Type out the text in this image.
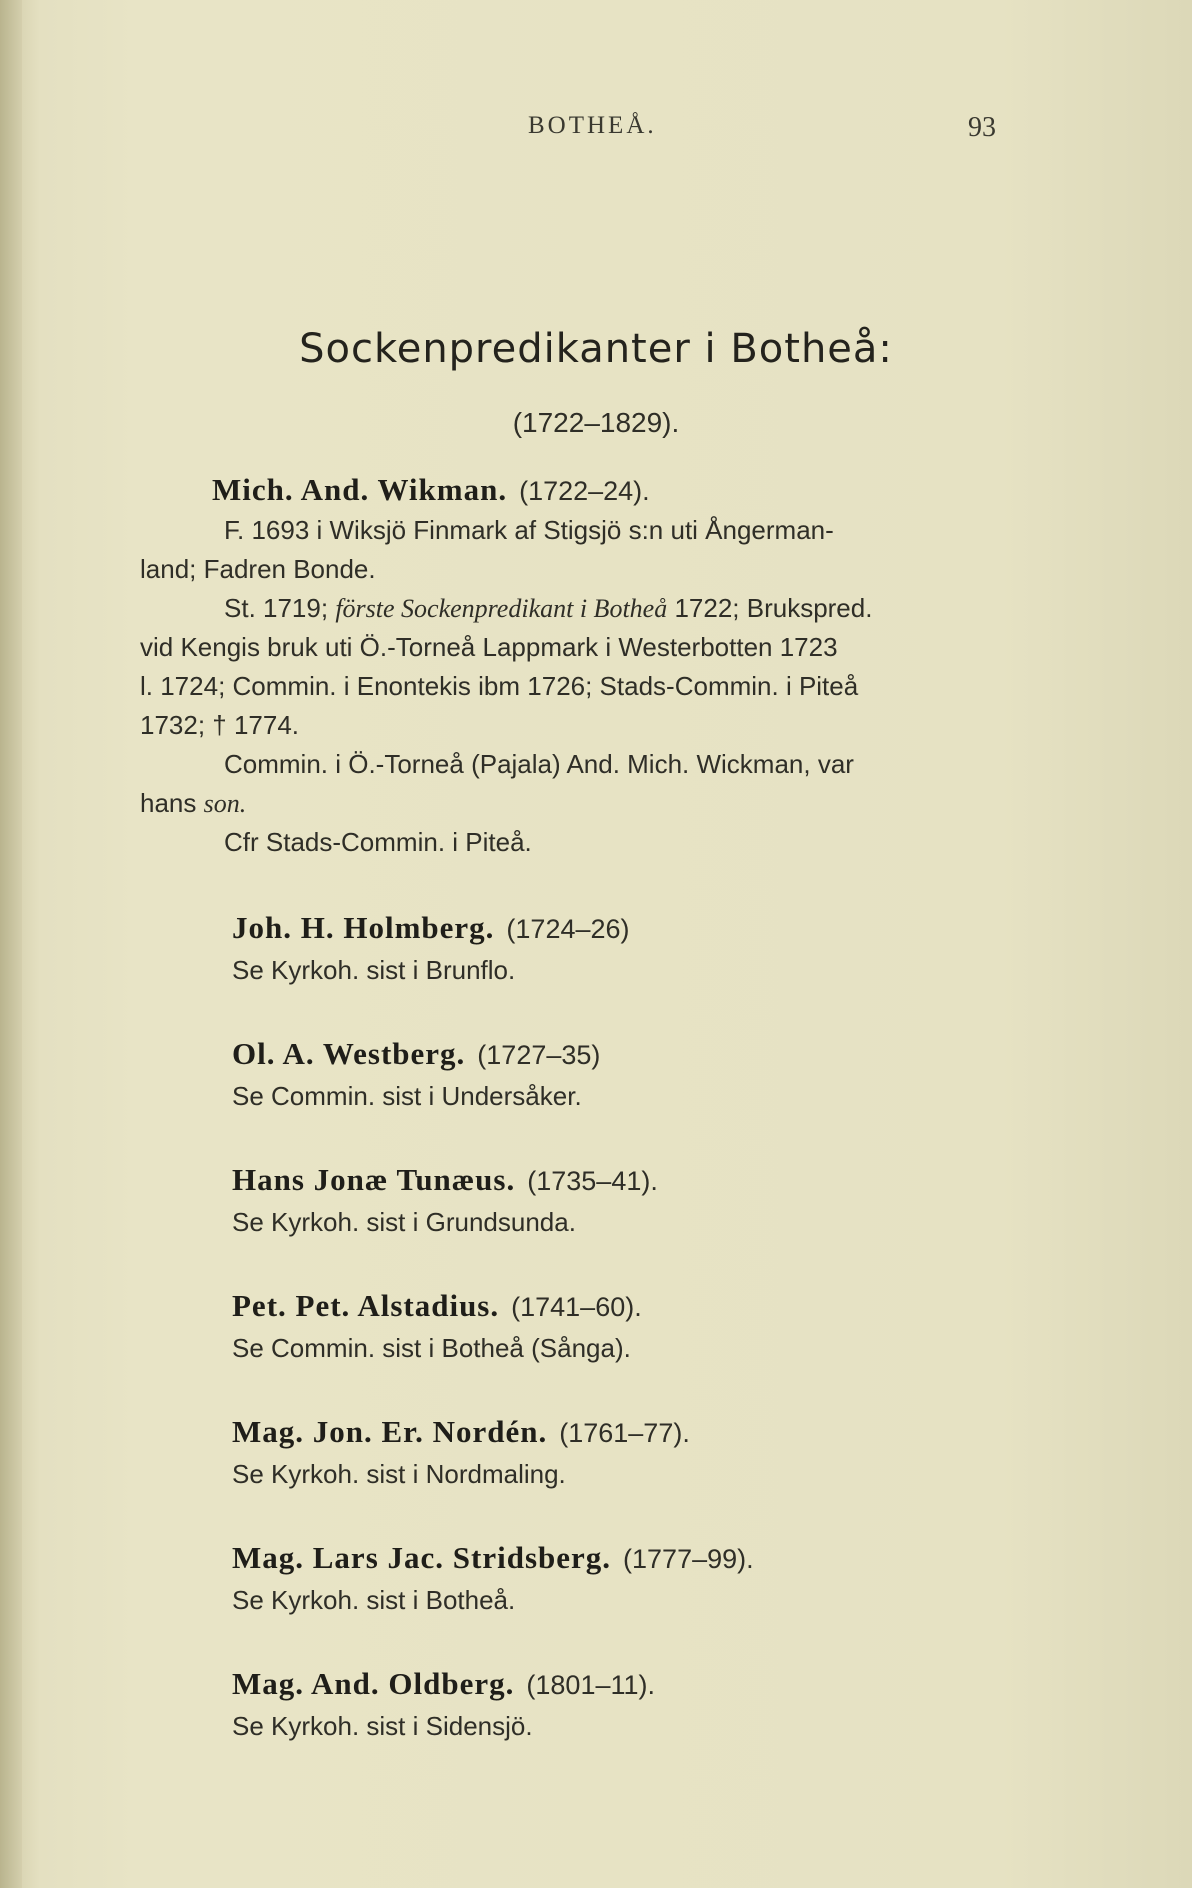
BOTHEÅ.	93
Sockenpredikanter i Botheå:
(1722–1829).
Mich. And. Wikman. (1722–24).
F. 1693 i Wiksjö Finmark af Stigsjö s:n uti Ångerman-
land; Fadren Bonde.
St. 1719; förste Sockenpredikant i Botheå 1722; Brukspred.
vid Kengis bruk uti Ö.-Torneå Lappmark i Westerbotten 1723
l. 1724; Commin. i Enontekis ibm 1726; Stads-Commin. i Piteå
1732; † 1774.
Commin. i Ö.-Torneå (Pajala) And. Mich. Wickman, var
hans son.
Cfr Stads-Commin. i Piteå.
Joh. H. Holmberg. (1724–26)
Se Kyrkoh. sist i Brunflo.
Ol. A. Westberg. (1727–35)
Se Commin. sist i Undersåker.
Hans Jonæ Tunæus. (1735–41).
Se Kyrkoh. sist i Grundsunda.
Pet. Pet. Alstadius. (1741–60).
Se Commin. sist i Botheå (Sånga).
Mag. Jon. Er. Nordén. (1761–77).
Se Kyrkoh. sist i Nordmaling.
Mag. Lars Jac. Stridsberg. (1777–99).
Se Kyrkoh. sist i Botheå.
Mag. And. Oldberg. (1801–11).
Se Kyrkoh. sist i Sidensjö.
